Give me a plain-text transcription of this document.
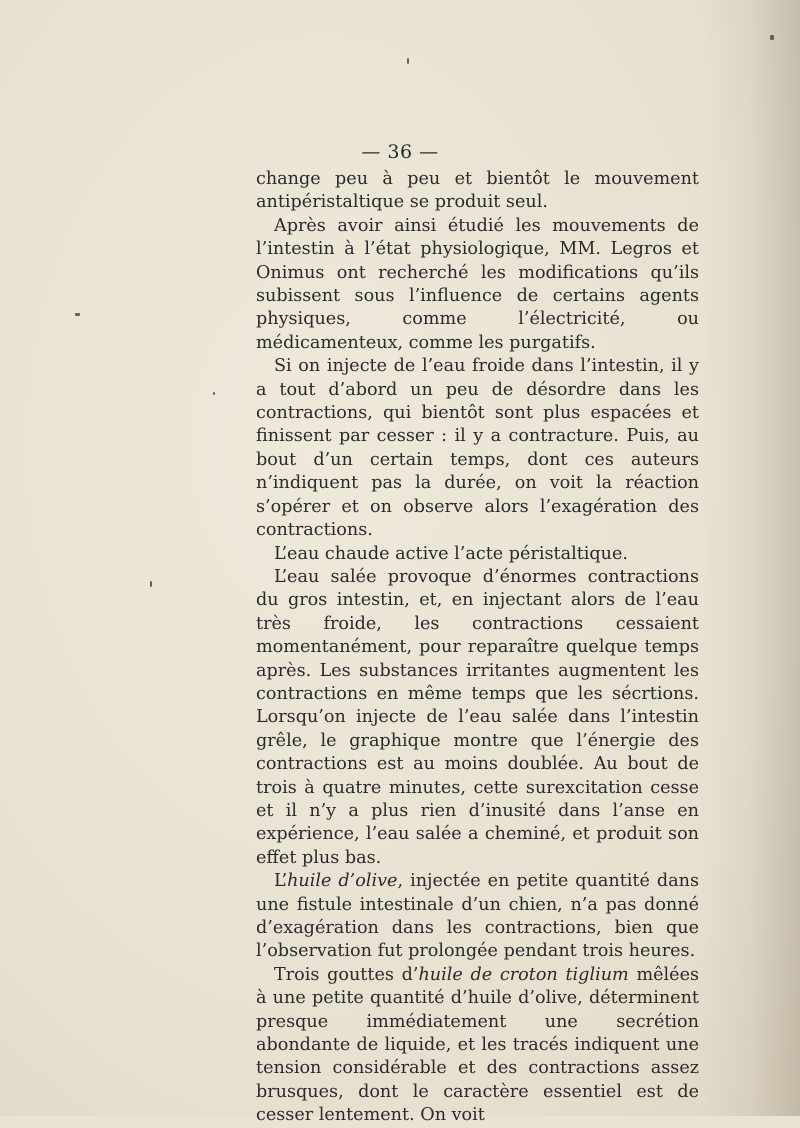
— 36 —

change peu à peu et bientôt le mouvement antipéristaltique se produit seul.

Après avoir ainsi étudié les mouvements de l’intestin à l’état physiologique, MM. Legros et Onimus ont recherché les modifications qu’ils subissent sous l’influence de certains agents physiques, comme l’électricité, ou médicamenteux, comme les purgatifs.

Si on injecte de l’eau froide dans l’intestin, il y a tout d’abord un peu de désordre dans les contractions, qui bientôt sont plus espacées et finissent par cesser : il y a contracture. Puis, au bout d’un certain temps, dont ces auteurs n’indiquent pas la durée, on voit la réaction s’opérer et on observe alors l’exagération des contractions.

L’eau chaude active l’acte péristaltique.

L’eau salée provoque d’énormes contractions du gros intestin, et, en injectant alors de l’eau très froide, les contractions cessaient momentanément, pour reparaître quelque temps après. Les substances irritantes augmentent les contractions en même temps que les sécrtions. Lorsqu’on injecte de l’eau salée dans l’intestin grêle, le graphique montre que l’énergie des contractions est au moins doublée. Au bout de trois à quatre minutes, cette surexcitation cesse et il n’y a plus rien d’inusité dans l’anse en expérience, l’eau salée a cheminé, et produit son effet plus bas.

L’huile d’olive, injectée en petite quantité dans une fistule intestinale d’un chien, n’a pas donné d’exagération dans les contractions, bien que l’observation fut prolongée pendant trois heures.

Trois gouttes d’huile de croton tiglium mêlées à une petite quantité d’huile d’olive, déterminent presque immédiatement une secrétion abondante de liquide, et les tracés indiquent une tension considérable et des contractions assez brusques, dont le caractère essentiel est de cesser lentement. On voit
